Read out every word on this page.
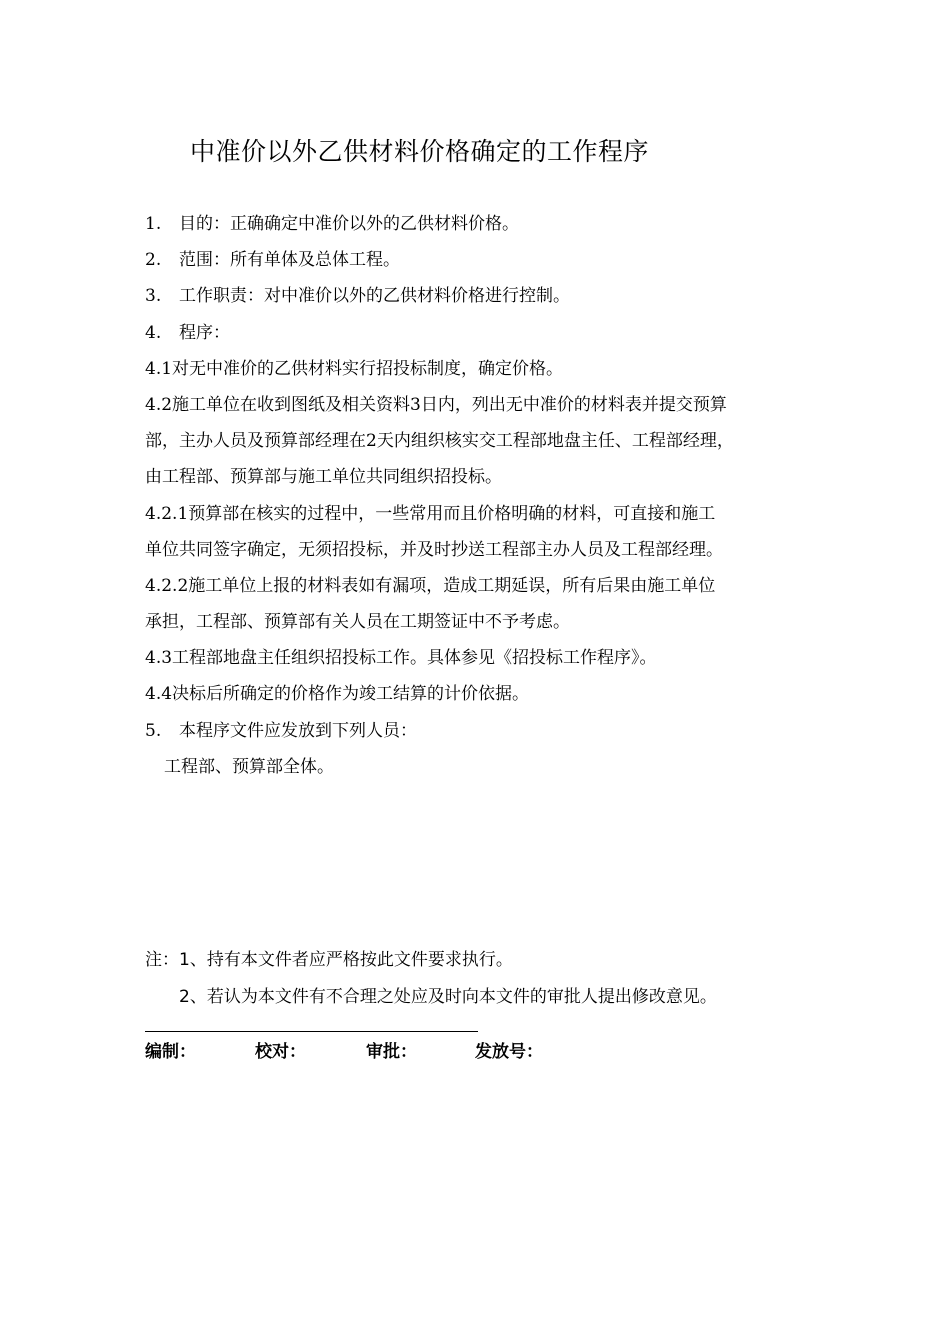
中准价以外乙供材料价格确定的工作程序
1. 目的：正确确定中准价以外的乙供材料价格。
2. 范围：所有单体及总体工程。
3. 工作职责：对中准价以外的乙供材料价格进行控制。
4. 程序：
4.1对无中准价的乙供材料实行招投标制度，确定价格。
4.2施工单位在收到图纸及相关资料3日内，列出无中准价的材料表并提交预算
部，主办人员及预算部经理在2天内组织核实交工程部地盘主任、工程部经理，
由工程部、预算部与施工单位共同组织招投标。
4.2.1预算部在核实的过程中，一些常用而且价格明确的材料，可直接和施工
单位共同签字确定，无须招投标，并及时抄送工程部主办人员及工程部经理。
4.2.2施工单位上报的材料表如有漏项，造成工期延误，所有后果由施工单位
承担，工程部、预算部有关人员在工期签证中不予考虑。
4.3工程部地盘主任组织招投标工作。具体参见《招投标工作程序》。
4.4决标后所确定的价格作为竣工结算的计价依据。
5. 本程序文件应发放到下列人员：
工程部、预算部全体。
注：1、持有本文件者应严格按此文件要求执行。
2、若认为本文件有不合理之处应及时向本文件的审批人提出修改意见。
编制：	校对：	审批：	发放号：
